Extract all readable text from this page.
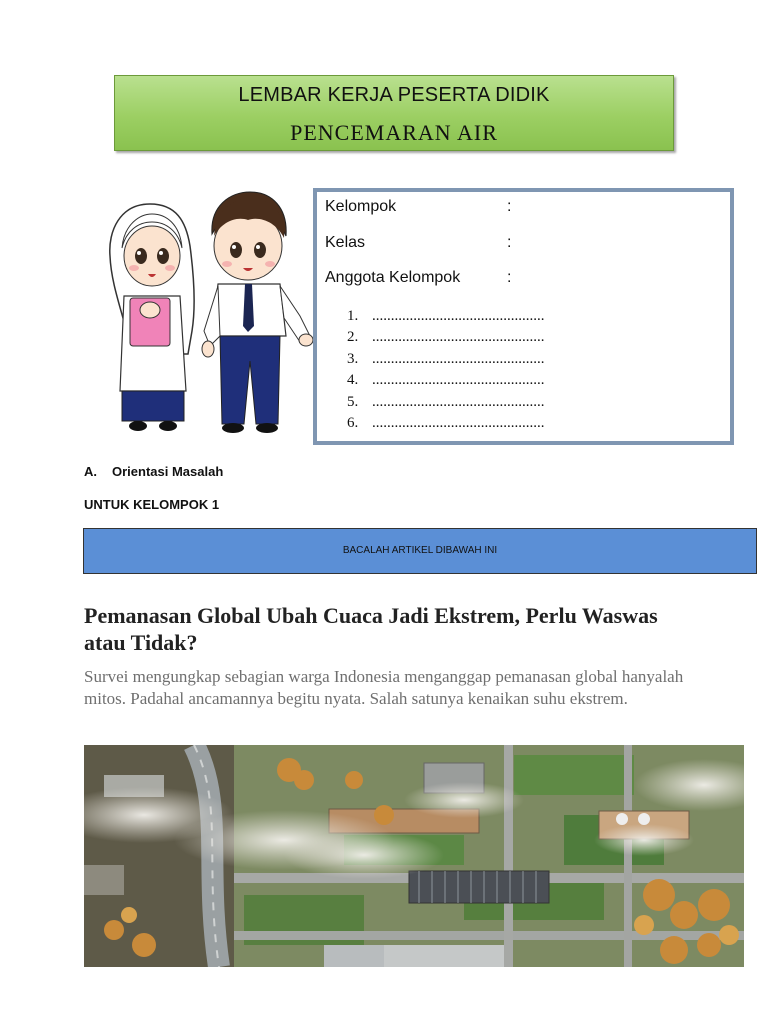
LEMBAR KERJA PESERTA DIDIK
PENCEMARAN AIR
Kelompok	:
Kelas	:
Anggota Kelompok	:
1. ..............................................
2. ..............................................
3. ..............................................
4. ..............................................
5. ..............................................
6. ..............................................
A. Orientasi Masalah
UNTUK KELOMPOK 1
BACALAH ARTIKEL DIBAWAH INI
Pemanasan Global Ubah Cuaca Jadi Ekstrem, Perlu Waswas atau Tidak?
Survei mengungkap sebagian warga Indonesia menganggap pemanasan global hanyalah mitos. Padahal ancamannya begitu nyata. Salah satunya kenaikan suhu ekstrem.
